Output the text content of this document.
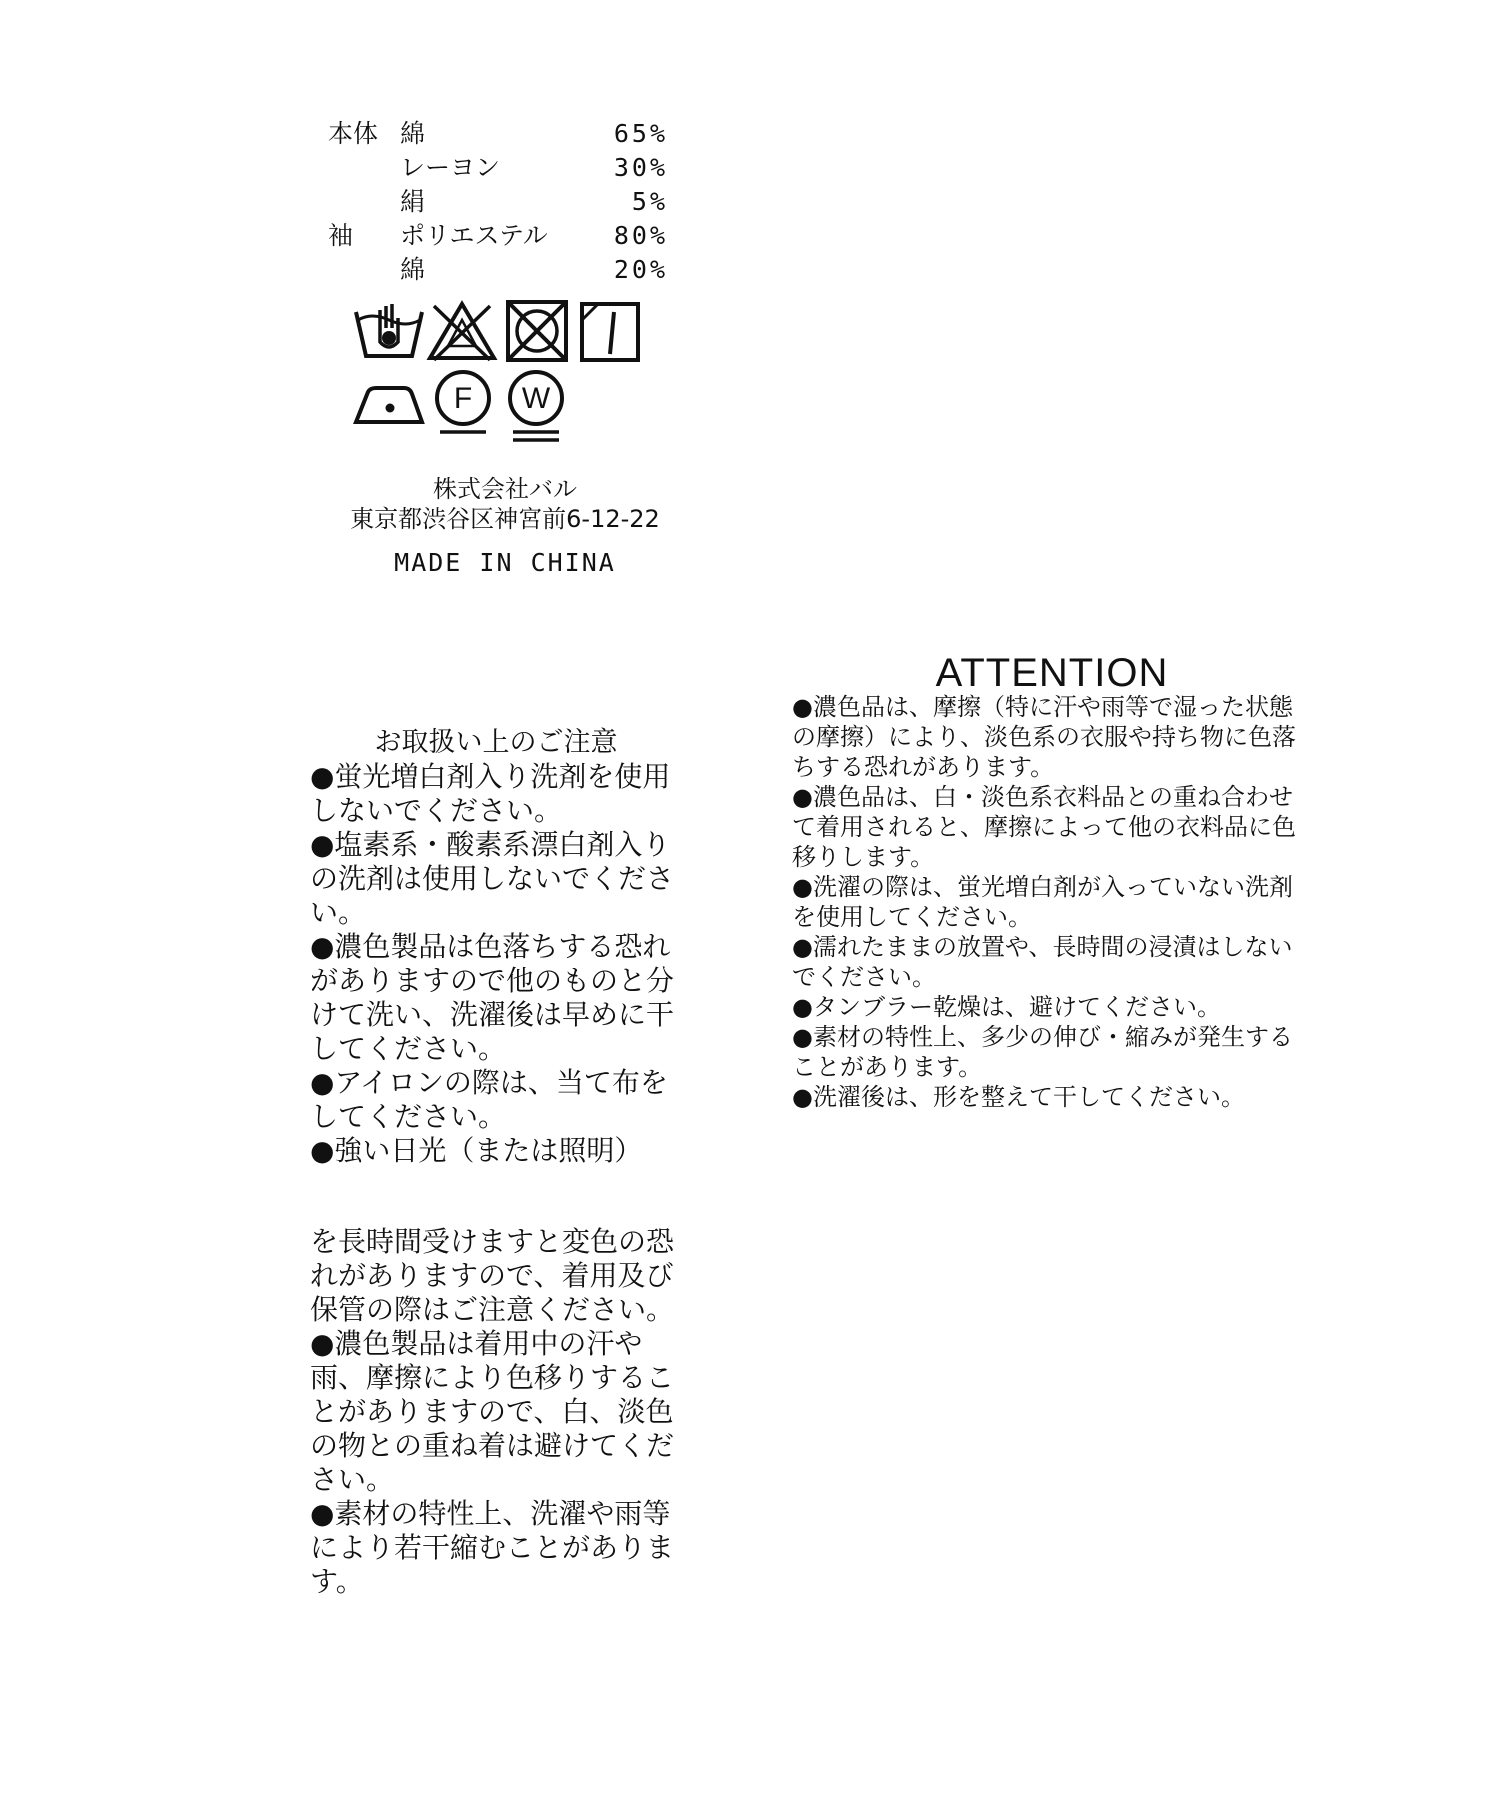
本体 綿	65%
レーヨン	30%
絹	5%
袖 ポリエステル	80%
綿	20%
F W
株式会社バル
東京都渋谷区神宮前6-12-22
MADE IN CHINA

お取扱い上のご注意

●蛍光増白剤入り洗剤を使用しないでください。

●塩素系・酸素系漂白剤入りの洗剤は使用しないでください。

●濃色製品は色落ちする恐れがありますので他のものと分けて洗い、洗濯後は早めに干してください。

●アイロンの際は、当て布をしてください。

●強い日光（または照明）

を長時間受けますと変色の恐れがありますので、着用及び保管の際はご注意ください。

●濃色製品は着用中の汗や雨、摩擦により色移りすることがありますので、白、淡色の物との重ね着は避けてください。

●素材の特性上、洗濯や雨等により若干縮むことがあります。

ATTENTION

●濃色品は、摩擦（特に汗や雨等で湿った状態の摩擦）により、淡色系の衣服や持ち物に色落ちする恐れがあります。

●濃色品は、白・淡色系衣料品との重ね合わせて着用されると、摩擦によって他の衣料品に色移りします。

●洗濯の際は、蛍光増白剤が入っていない洗剤を使用してください。

●濡れたままの放置や、長時間の浸漬はしないでください。

●タンブラー乾燥は、避けてください。

●素材の特性上、多少の伸び・縮みが発生することがあります。

●洗濯後は、形を整えて干してください。
